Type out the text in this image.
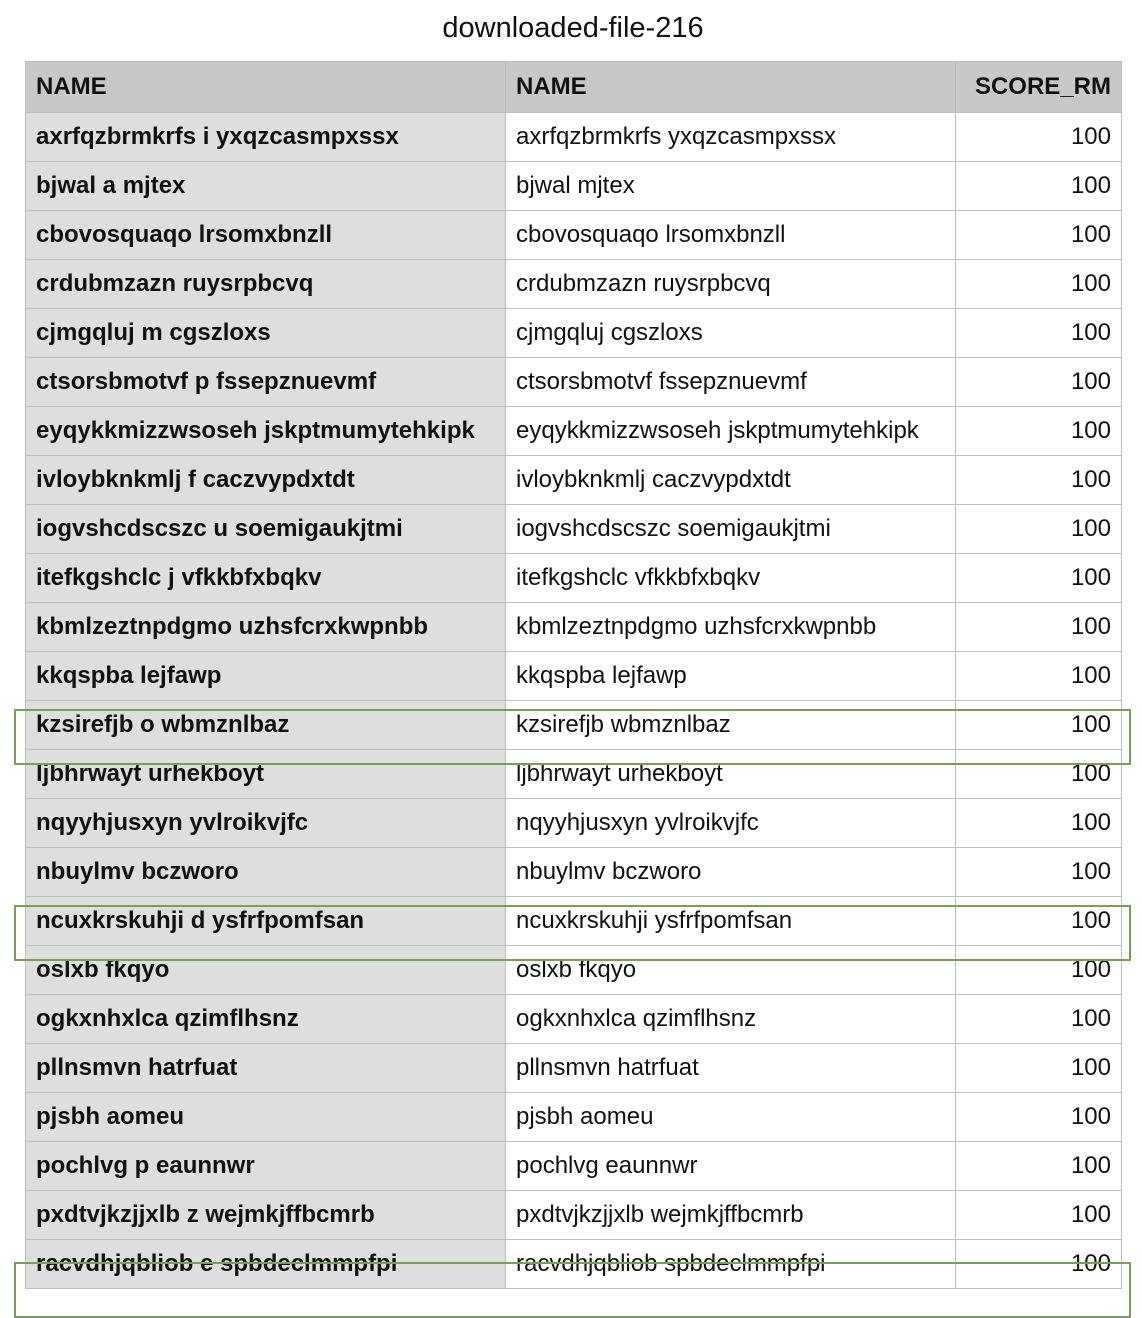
downloaded-file-216
NAME	NAME	SCORE_RM
axrfqzbrmkrfs i yxqzcasmpxssx	axrfqzbrmkrfs yxqzcasmpxssx	100
bjwal a mjtex	bjwal mjtex	100
cbovosquaqo lrsomxbnzll	cbovosquaqo lrsomxbnzll	100
crdubmzazn ruysrpbcvq	crdubmzazn ruysrpbcvq	100
cjmgqluj m cgszloxs	cjmgqluj cgszloxs	100
ctsorsbmotvf p fssepznuevmf	ctsorsbmotvf fssepznuevmf	100
eyqykkmizzwsoseh jskptmumytehkipk	eyqykkmizzwsoseh jskptmumytehkipk	100
ivloybknkmlj f caczvypdxtdt	ivloybknkmlj caczvypdxtdt	100
iogvshcdscszc u soemigaukjtmi	iogvshcdscszc soemigaukjtmi	100
itefkgshclc j vfkkbfxbqkv	itefkgshclc vfkkbfxbqkv	100
kbmlzeztnpdgmo uzhsfcrxkwpnbb	kbmlzeztnpdgmo uzhsfcrxkwpnbb	100
kkqspba lejfawp	kkqspba lejfawp	100
kzsirefjb o wbmznlbaz	kzsirefjb wbmznlbaz	100
ljbhrwayt urhekboyt	ljbhrwayt urhekboyt	100
nqyyhjusxyn yvlroikvjfc	nqyyhjusxyn yvlroikvjfc	100
nbuylmv bczworo	nbuylmv bczworo	100
ncuxkrskuhji d ysfrfpomfsan	ncuxkrskuhji ysfrfpomfsan	100
oslxb fkqyo	oslxb fkqyo	100
ogkxnhxlca qzimflhsnz	ogkxnhxlca qzimflhsnz	100
pllnsmvn hatrfuat	pllnsmvn hatrfuat	100
pjsbh aomeu	pjsbh aomeu	100
pochlvg p eaunnwr	pochlvg eaunnwr	100
pxdtvjkzjjxlb z wejmkjffbcmrb	pxdtvjkzjjxlb wejmkjffbcmrb	100
racvdhjqbliob e spbdeclmmpfpi	racvdhjqbliob spbdeclmmpfpi	100
